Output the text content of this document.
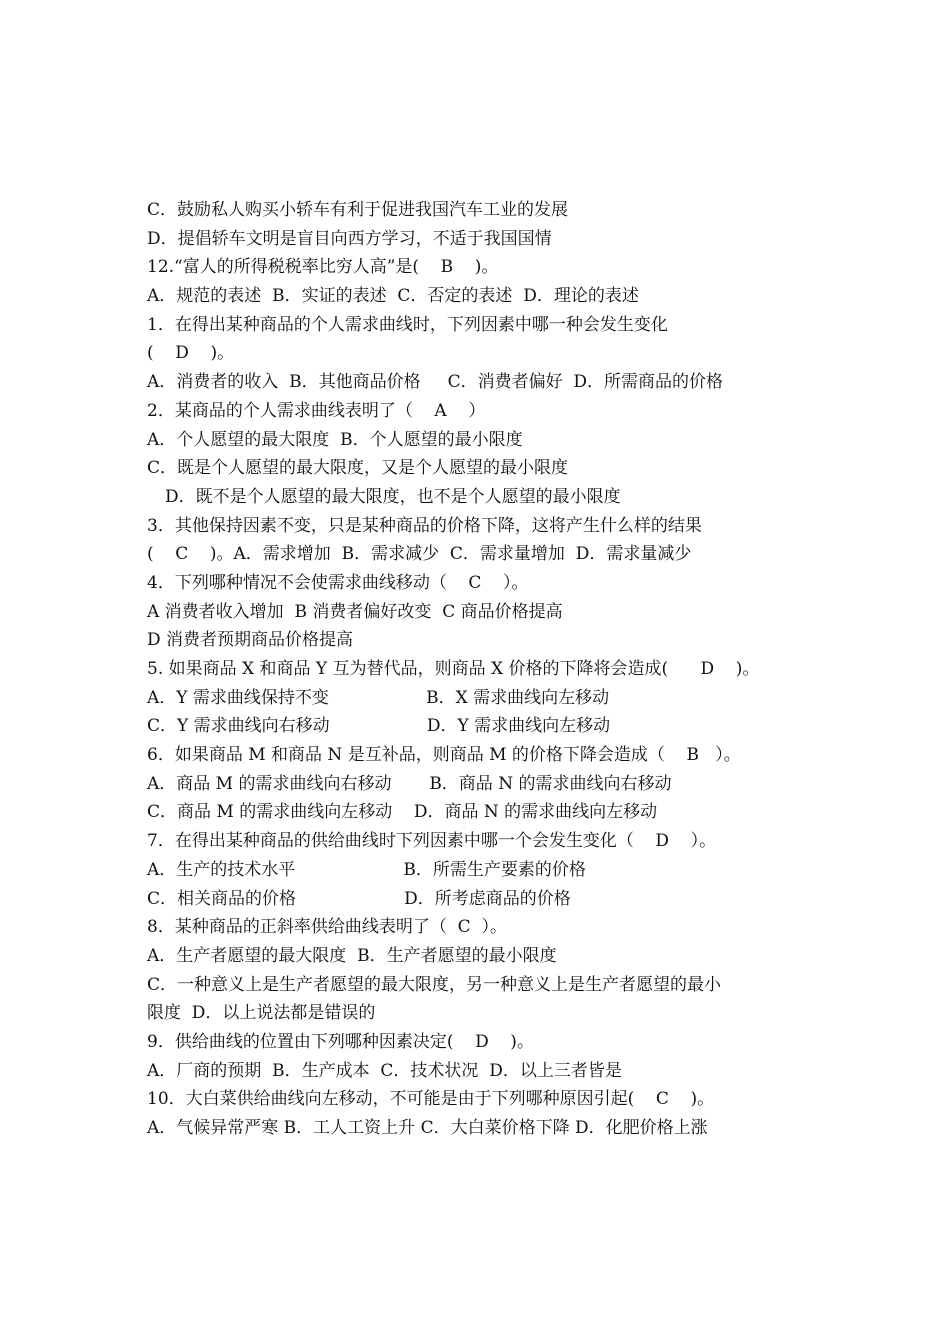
C．鼓励私人购买小轿车有利于促进我国汽车工业的发展
D．提倡轿车文明是盲目向西方学习，不适于我国国情
12.“富人的所得税税率比穷人高”是(    B    )。
A．规范的表述  B．实证的表述  C．否定的表述  D．理论的表述
1．在得出某种商品的个人需求曲线时，下列因素中哪一种会发生变化
(    D    )。
A．消费者的收入  B．其他商品价格     C．消费者偏好  D．所需商品的价格
2．某商品的个人需求曲线表明了（    A    ）
A．个人愿望的最大限度  B．个人愿望的最小限度
C．既是个人愿望的最大限度，又是个人愿望的最小限度
D．既不是个人愿望的最大限度，也不是个人愿望的最小限度
3．其他保持因素不变，只是某种商品的价格下降，这将产生什么样的结果
(    C    )。A．需求增加  B．需求减少  C．需求量增加  D．需求量减少
4．下列哪种情况不会使需求曲线移动（    C    ）。
A 消费者收入增加  B 消费者偏好改变  C 商品价格提高
D 消费者预期商品价格提高
5. 如果商品 X 和商品 Y 互为替代品，则商品 X 价格的下降将会造成(      D    )。
A．Y 需求曲线保持不变                  B．X 需求曲线向左移动
C．Y 需求曲线向右移动                  D．Y 需求曲线向左移动
6．如果商品 M 和商品 N 是互补品，则商品 M 的价格下降会造成（    B   ）。
A．商品 M 的需求曲线向右移动       B．商品 N 的需求曲线向右移动
C．商品 M 的需求曲线向左移动    D．商品 N 的需求曲线向左移动
7．在得出某种商品的供给曲线时下列因素中哪一个会发生变化（    D    ）。
A．生产的技术水平                    B．所需生产要素的价格
C．相关商品的价格                    D．所考虑商品的价格
8．某种商品的正斜率供给曲线表明了（  C  ）。
A．生产者愿望的最大限度  B．生产者愿望的最小限度
C．一种意义上是生产者愿望的最大限度，另一种意义上是生产者愿望的最小
限度  D．以上说法都是错误的
9．供给曲线的位置由下列哪种因素决定(    D    )。
A．厂商的预期  B．生产成本  C．技术状况  D．以上三者皆是
10．大白菜供给曲线向左移动，不可能是由于下列哪种原因引起(    C    )。
A．气候异常严寒 B．工人工资上升 C．大白菜价格下降 D．化肥价格上涨
